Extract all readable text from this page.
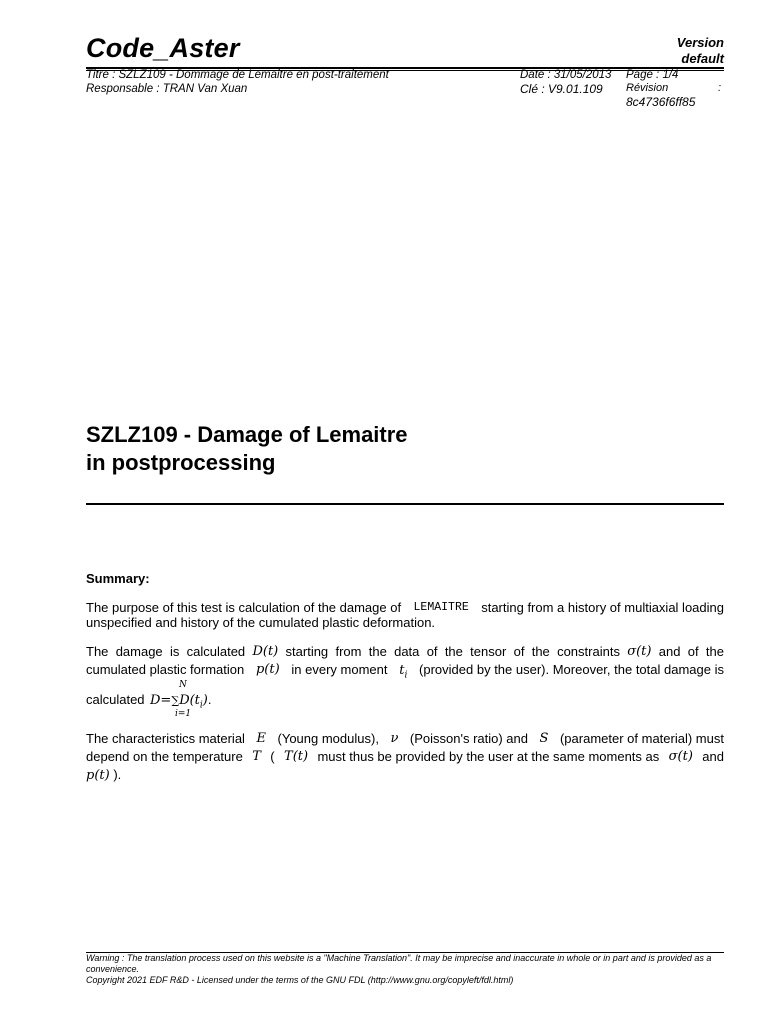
Code_Aster	Version
default
Titre : SZLZ109 - Dommage de Lemaitre en post-traitement
Responsable : TRAN Van Xuan
Date : 31/05/2013 Page : 1/4
Clé : V9.01.109 Révision	:
8c4736f6ff85
SZLZ109 - Damage of Lemaitre
in postprocessing
Summary:
The purpose of this test is calculation of the damage of LEMAITRE starting from a history of multiaxial loading
unspecified and history of the cumulated plastic deformation.
The damage is calculated D(t) starting from the data of the tensor of the constraints σ(t) and of the
cumulated plastic formation p(t) in every moment $t_i$ (provided by the user). Moreover, the total damage is
calculated $D=\sum D(t_i)$.
N
i=1
The characteristics material E (Young modulus), ν (Poisson's ratio) and S (parameter of material) must
depend on the temperature T ( T(t) must thus be provided by the user at the same moments as σ(t) and
p(t) ).
Warning : The translation process used on this website is a "Machine Translation". It may be imprecise and inaccurate in whole or in part and is provided as a convenience.
Copyright 2021 EDF R&D - Licensed under the terms of the GNU FDL (http://www.gnu.org/copyleft/fdl.html)
